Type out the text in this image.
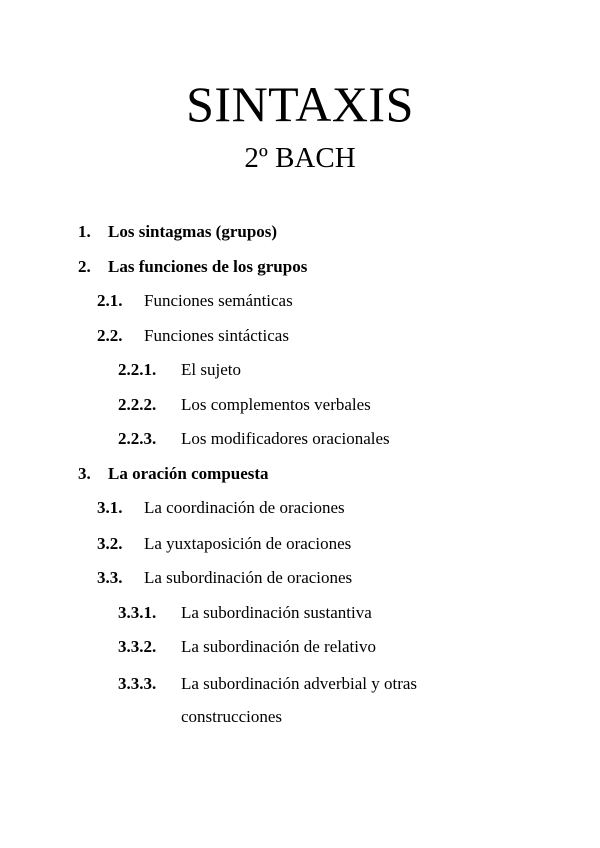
SINTAXIS
2º BACH
1. Los sintagmas (grupos)
2. Las funciones de los grupos
2.1. Funciones semánticas
2.2. Funciones sintácticas
2.2.1. El sujeto
2.2.2. Los complementos verbales
2.2.3. Los modificadores oracionales
3. La oración compuesta
3.1. La coordinación de oraciones
3.2. La yuxtaposición de oraciones
3.3. La subordinación de oraciones
3.3.1. La subordinación sustantiva
3.3.2. La subordinación de relativo
3.3.3. La subordinación adverbial y otras
construcciones
